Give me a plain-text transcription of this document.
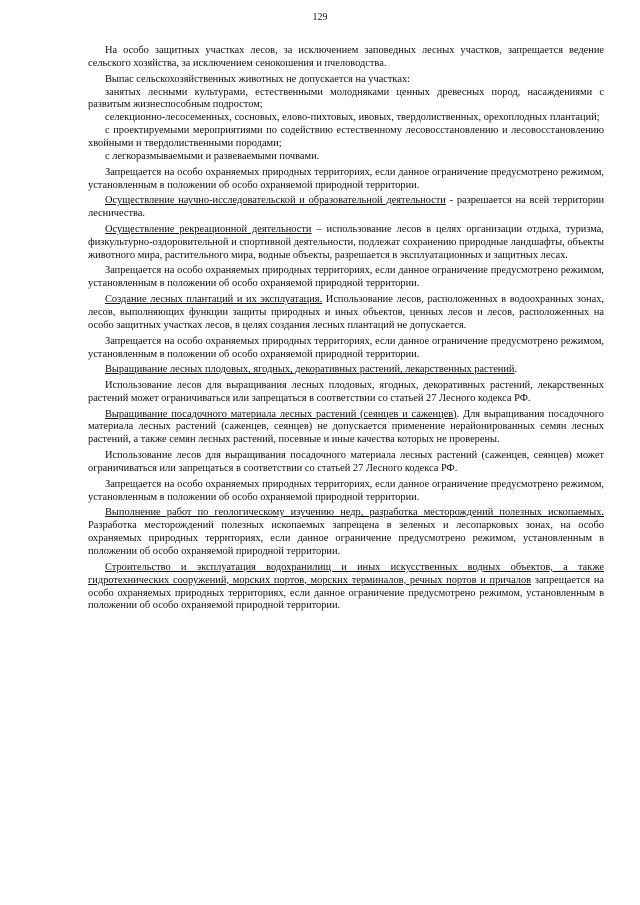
129

На особо защитных участках лесов, за исключением заповедных лесных участков, запрещается ведение сельского хозяйства, за исключением сенокошения и пчеловодства.

Выпас сельскохозяйственных животных не допускается на участках:

занятых лесными культурами, естественными молодняками ценных древесных пород, насаждениями с развитым жизнеспособным подростом;

селекционно-лесосеменных, сосновых, елово-пихтовых, ивовых, твердолиственных, орехоплодных плантаций;

с проектируемыми мероприятиями по содействию естественному лесовосстановлению и лесовосстановлению хвойными и твердолиственными породами;

с легкоразмываемыми и развеваемыми почвами.

Запрещается на особо охраняемых природных территориях, если данное ограничение предусмотрено режимом, установленным в положении об особо охраняемой природной территории.

Осуществление научно-исследовательской и образовательной деятельности - разрешается на всей территории лесничества.

Осуществление рекреационной деятельности – использование лесов в целях организации отдыха, туризма, физкультурно-оздоровительной и спортивной деятельности, подлежат сохранению природные ландшафты, объекты животного мира, растительного мира, водные объекты, разрешается в эксплуатационных и защитных лесах.

Запрещается на особо охраняемых природных территориях, если данное ограничение предусмотрено режимом, установленным в положении об особо охраняемой природной территории.

Создание лесных плантаций и их эксплуатация. Использование лесов, расположенных в водоохранных зонах, лесов, выполняющих функции защиты природных и иных объектов, ценных лесов и лесов, расположенных на особо защитных участках лесов, в целях создания лесных плантаций не допускается.

Запрещается на особо охраняемых природных территориях, если данное ограничение предусмотрено режимом, установленным в положении об особо охраняемой природной территории.

Выращивание лесных плодовых, ягодных, декоративных растений, лекарственных растений.

Использование лесов для выращивания лесных плодовых, ягодных, декоративных растений, лекарственных растений может ограничиваться или запрещаться в соответствии со статьей 27 Лесного кодекса РФ.

Выращивание посадочного материала лесных растений (сеянцев и саженцев). Для выращивания посадочного материала лесных растений (саженцев, сеянцев) не допускается применение нерайонированных семян лесных растений, а также семян лесных растений, посевные и иные качества которых не проверены.

Использование лесов для выращивания посадочного материала лесных растений (саженцев, сеянцев) может ограничиваться или запрещаться в соответствии со статьей 27 Лесного кодекса РФ.

Запрещается на особо охраняемых природных территориях, если данное ограничение предусмотрено режимом, установленным в положении об особо охраняемой природной территории.

Выполнение работ по геологическому изучению недр, разработка месторождений полезных ископаемых. Разработка месторождений полезных ископаемых запрещена в зеленых и лесопарковых зонах, на особо охраняемых природных территориях, если данное ограничение предусмотрено режимом, установленным в положении об особо охраняемой природной территории.

Строительство и эксплуатация водохранилищ и иных искусственных водных объектов, а также гидротехнических сооружений, морских портов, морских терминалов, речных портов и причалов запрещается на особо охраняемых природных территориях, если данное ограничение предусмотрено режимом, установленным в положении об особо охраняемой природной территории.
